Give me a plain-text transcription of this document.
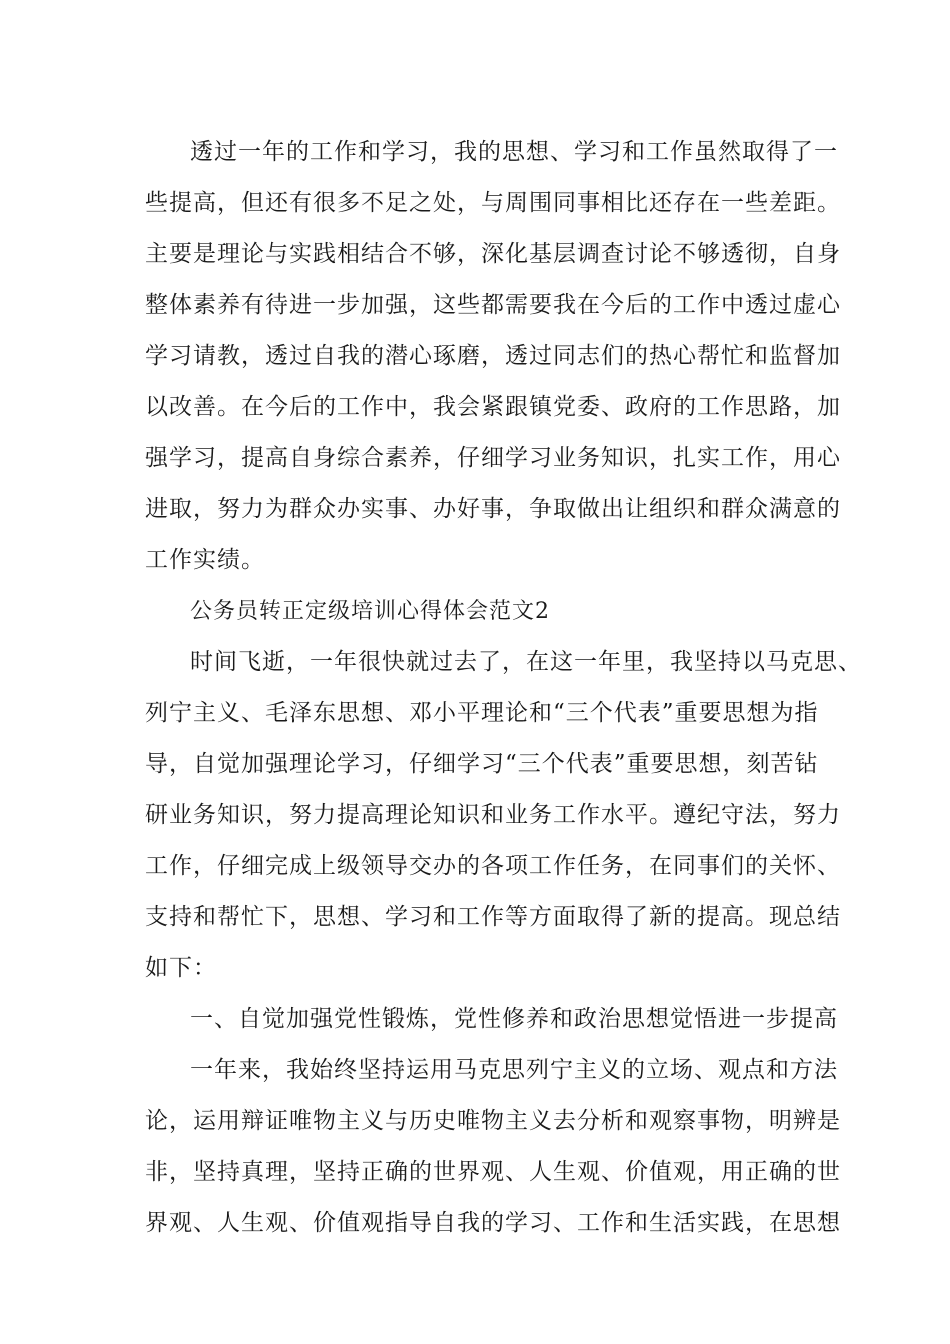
透过一年的工作和学习，我的思想、学习和工作虽然取得了一
些提高，但还有很多不足之处，与周围同事相比还存在一些差距。
主要是理论与实践相结合不够，深化基层调查讨论不够透彻，自身
整体素养有待进一步加强，这些都需要我在今后的工作中透过虚心
学习请教，透过自我的潜心琢磨，透过同志们的热心帮忙和监督加
以改善。在今后的工作中，我会紧跟镇党委、政府的工作思路，加
强学习，提高自身综合素养，仔细学习业务知识，扎实工作，用心
进取，努力为群众办实事、办好事，争取做出让组织和群众满意的
工作实绩。
公务员转正定级培训心得体会范文2
时间飞逝，一年很快就过去了，在这一年里，我坚持以马克思、
列宁主义、毛泽东思想、邓小平理论和“三个代表”重要思想为指
导，自觉加强理论学习，仔细学习“三个代表”重要思想，刻苦钻
研业务知识，努力提高理论知识和业务工作水平。遵纪守法，努力
工作，仔细完成上级领导交办的各项工作任务，在同事们的关怀、
支持和帮忙下，思想、学习和工作等方面取得了新的提高。现总结
如下：
一、自觉加强党性锻炼，党性修养和政治思想觉悟进一步提高
一年来，我始终坚持运用马克思列宁主义的立场、观点和方法
论，运用辩证唯物主义与历史唯物主义去分析和观察事物，明辨是
非，坚持真理，坚持正确的世界观、人生观、价值观，用正确的世
界观、人生观、价值观指导自我的学习、工作和生活实践，在思想
